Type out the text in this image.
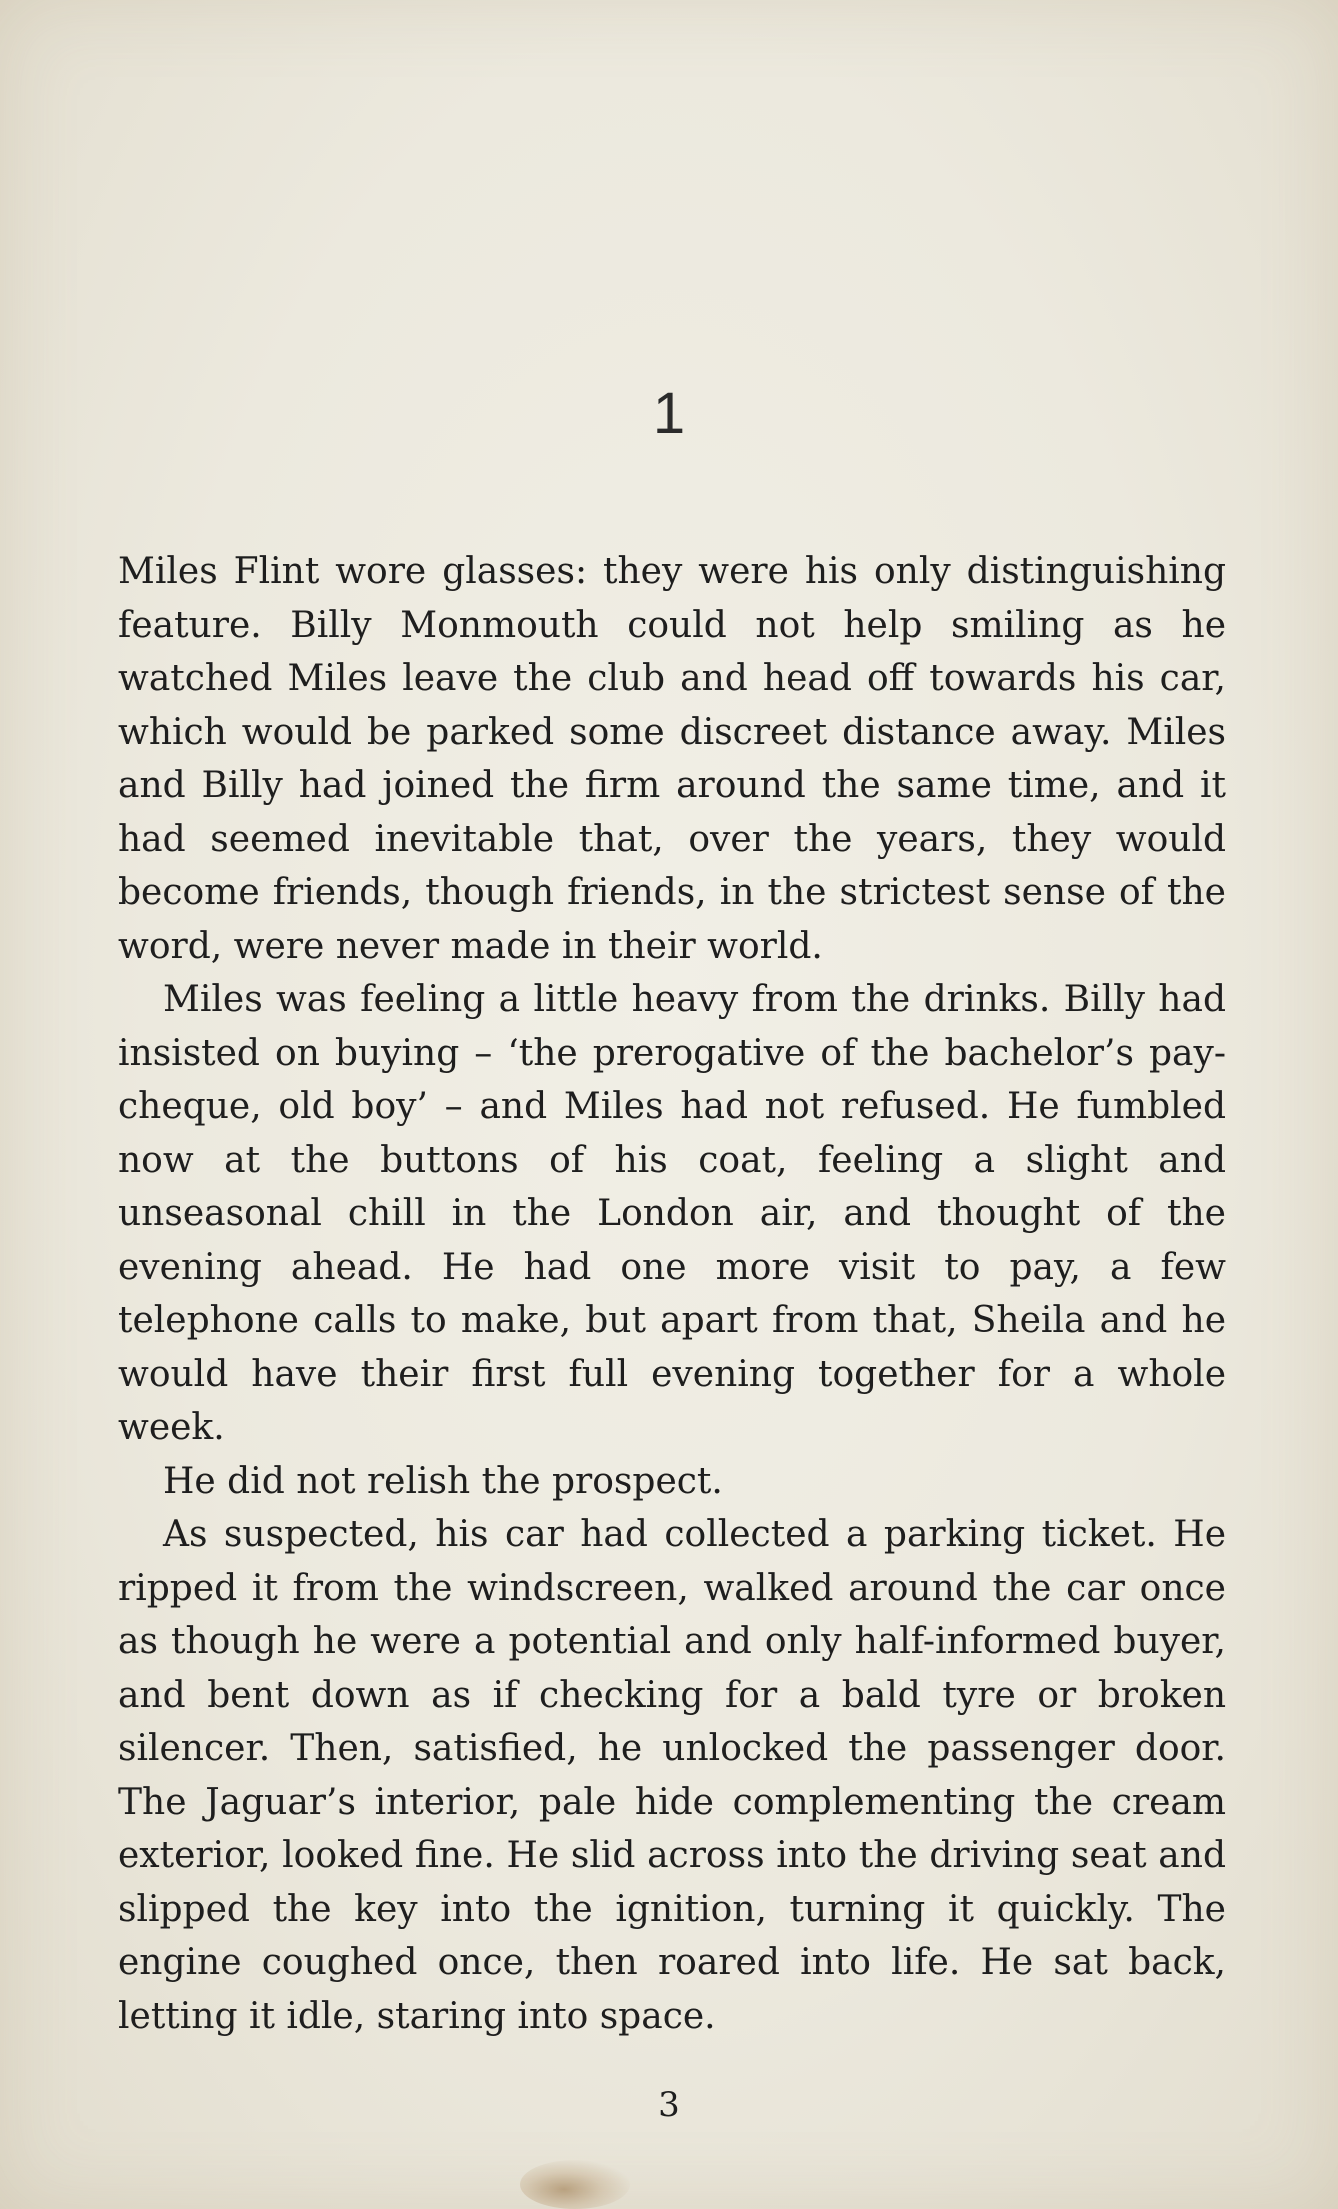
1

Miles Flint wore glasses: they were his only distinguishing feature. Billy Monmouth could not help smiling as he watched Miles leave the club and head off towards his car, which would be parked some discreet distance away. Miles and Billy had joined the firm around the same time, and it had seemed inevitable that, over the years, they would become friends, though friends, in the strictest sense of the word, were never made in their world.

Miles was feeling a little heavy from the drinks. Billy had insisted on buying – ‘the prerogative of the bachelor’s pay-cheque, old boy’ – and Miles had not refused. He fumbled now at the buttons of his coat, feeling a slight and unseasonal chill in the London air, and thought of the evening ahead. He had one more visit to pay, a few telephone calls to make, but apart from that, Sheila and he would have their first full evening together for a whole week.

He did not relish the prospect.

As suspected, his car had collected a parking ticket. He ripped it from the windscreen, walked around the car once as though he were a potential and only half-informed buyer, and bent down as if checking for a bald tyre or broken silencer. Then, satisfied, he unlocked the passenger door. The Jaguar’s interior, pale hide complementing the cream exterior, looked fine. He slid across into the driving seat and slipped the key into the ignition, turning it quickly. The engine coughed once, then roared into life. He sat back, letting it idle, staring into space.

3
